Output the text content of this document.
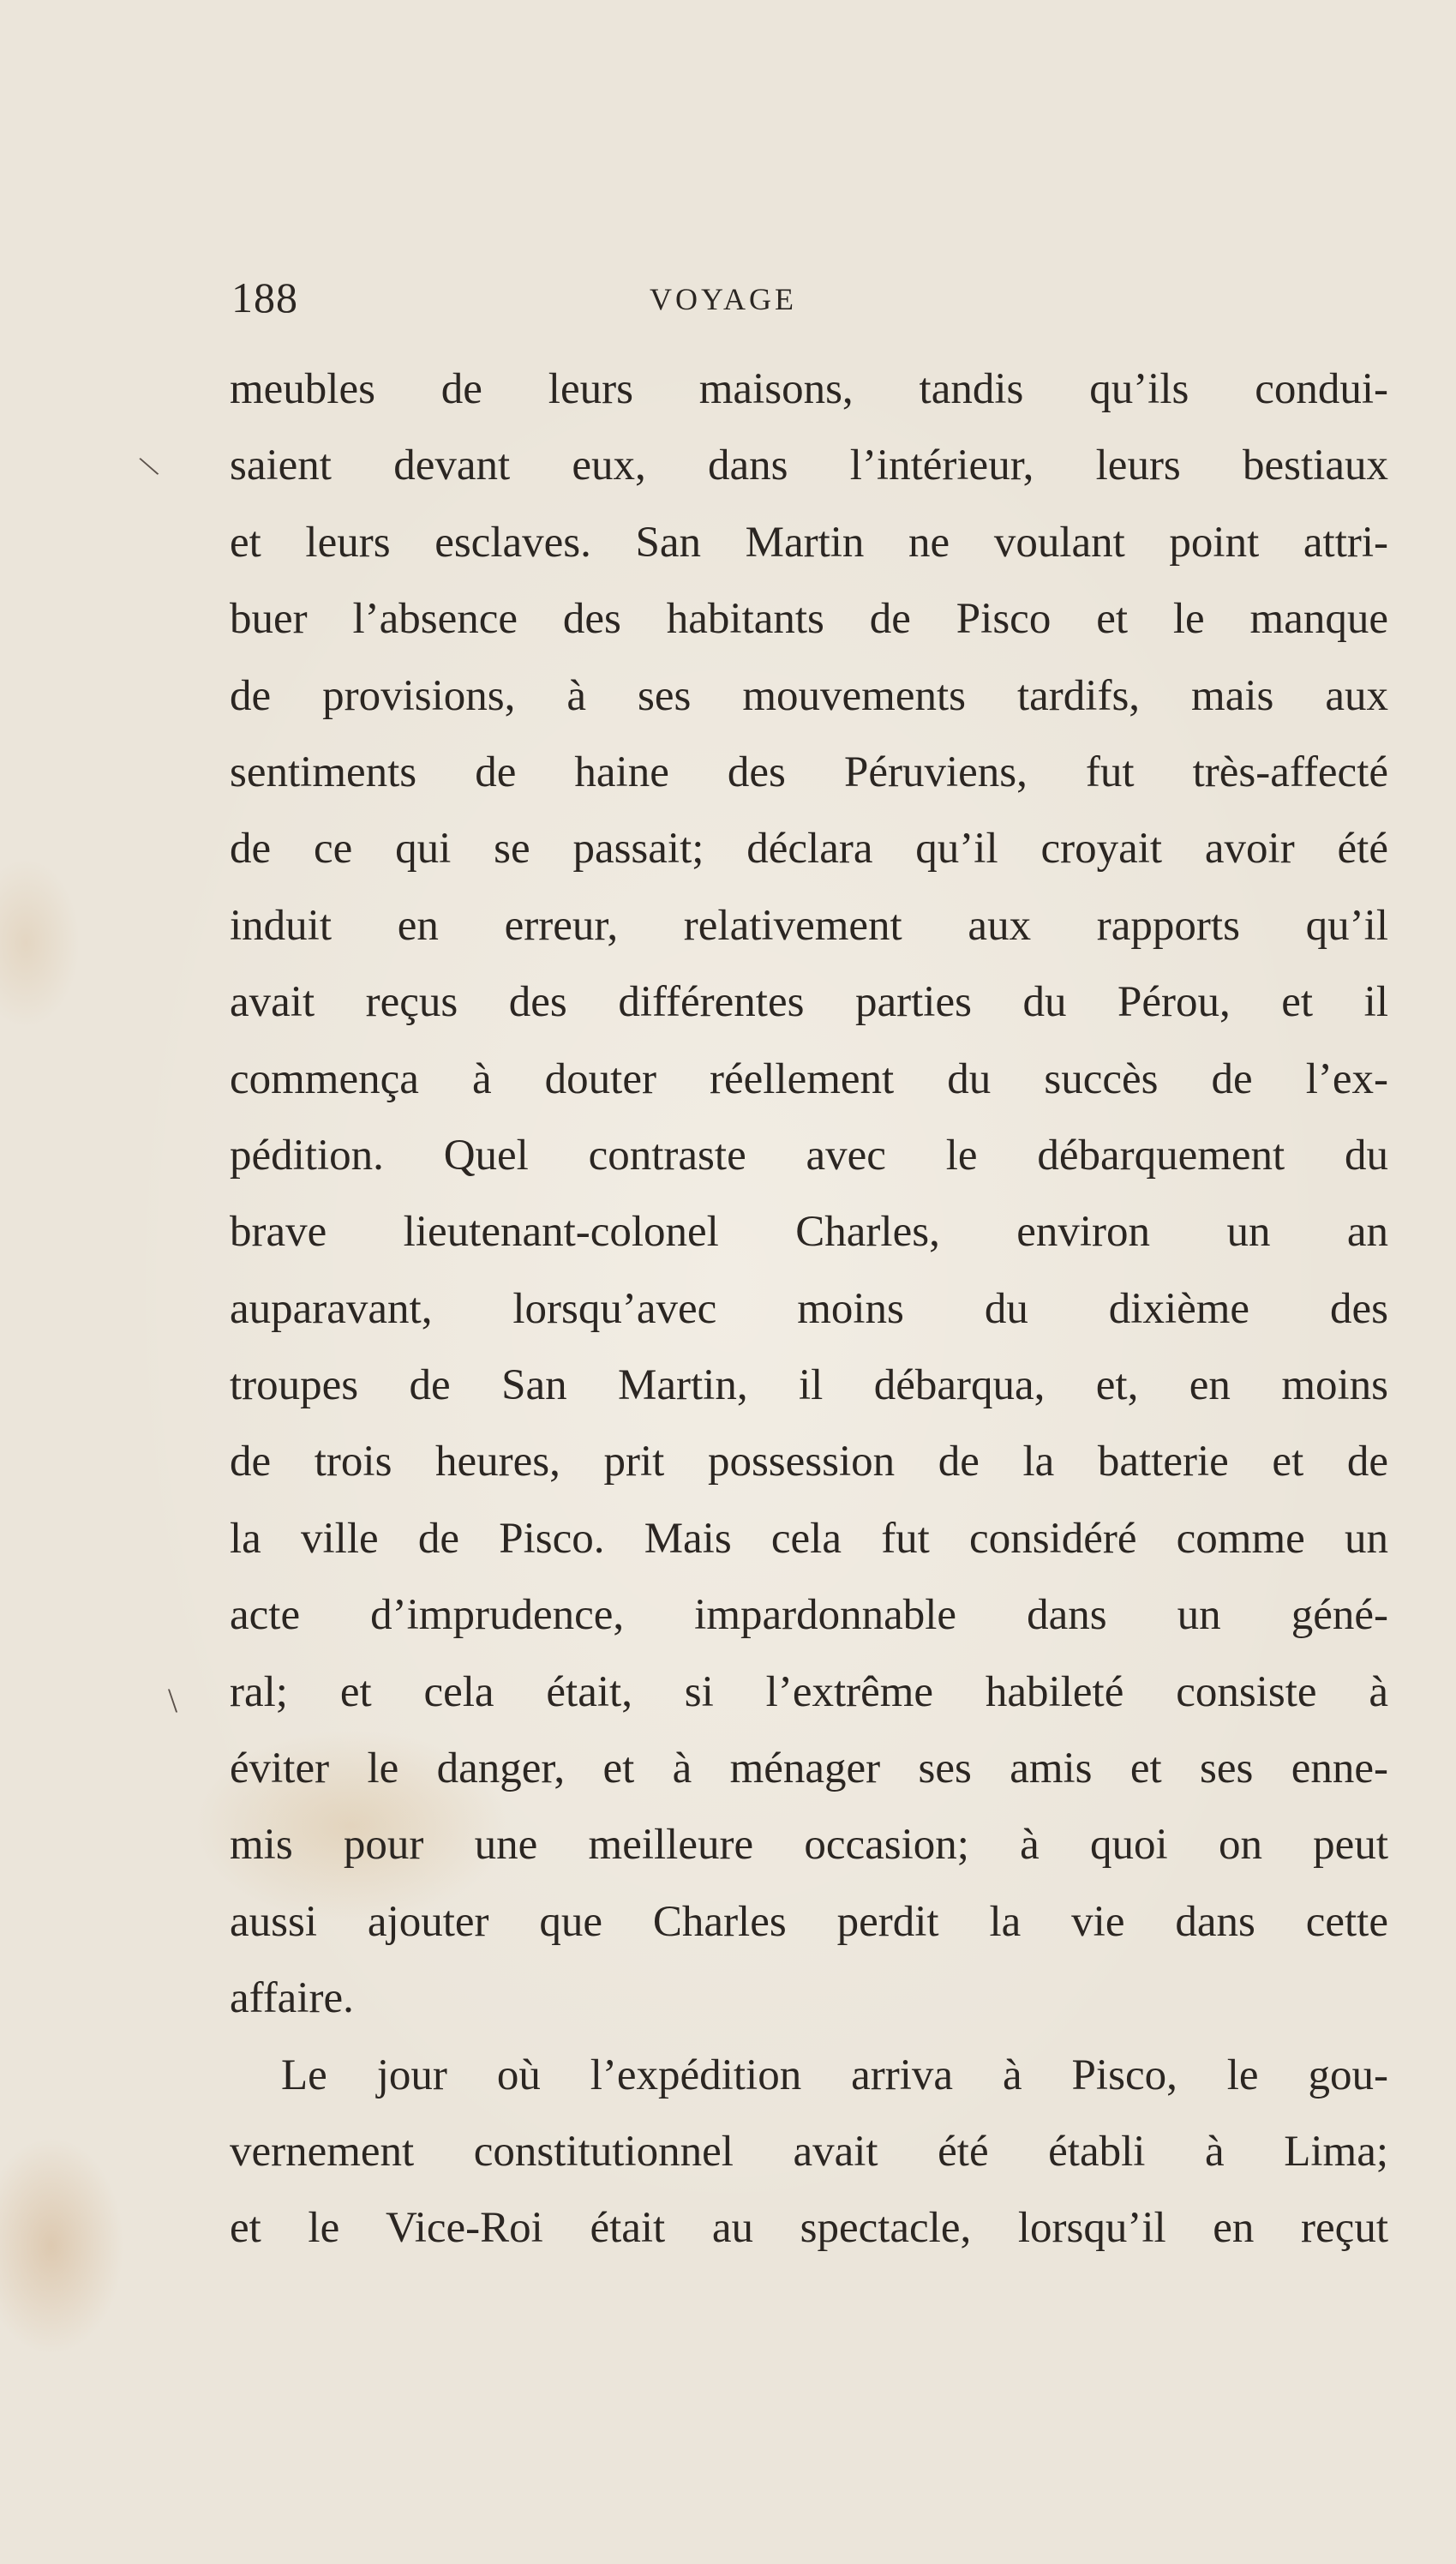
188	VOYAGE
\
\
meubles de leurs maisons, tandis qu’ils condui-
saient devant eux, dans l’intérieur, leurs bestiaux
et leurs esclaves. San Martin ne voulant point attri-
buer l’absence des habitants de Pisco et le manque
de provisions, à ses mouvements tardifs, mais aux
sentiments de haine des Péruviens, fut très-affecté
de ce qui se passait; déclara qu’il croyait avoir été
induit en erreur, relativement aux rapports qu’il
avait reçus des différentes parties du Pérou, et il
commença à douter réellement du succès de l’ex-
pédition. Quel contraste avec le débarquement du
brave lieutenant-colonel Charles, environ un an
auparavant, lorsqu’avec moins du dixième des
troupes de San Martin, il débarqua, et, en moins
de trois heures, prit possession de la batterie et de
la ville de Pisco. Mais cela fut considéré comme un
acte d’imprudence, impardonnable dans un géné-
ral; et cela était, si l’extrême habileté consiste à
éviter le danger, et à ménager ses amis et ses enne-
mis pour une meilleure occasion; à quoi on peut
aussi ajouter que Charles perdit la vie dans cette
affaire.
Le jour où l’expédition arriva à Pisco, le gou-
vernement constitutionnel avait été établi à Lima;
et le Vice-Roi était au spectacle, lorsqu’il en reçut
